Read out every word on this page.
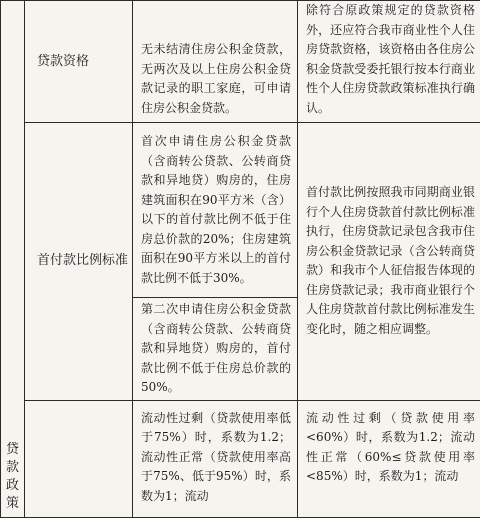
贷
款
政
策	贷款资格	无未结清住房公积金贷款，无两次及以上住房公积金贷款记录的职工家庭，可申请住房公积金贷款。	除符合原政策规定的贷款资格外，还应符合我市商业性个人住房贷款资格，该资格由各住房公积金贷款受委托银行按本行商业性个人住房贷款政策标准执行确认。
	首付款比例标准	首次申请住房公积金贷款（含商转公贷款、公转商贷款和异地贷）购房的，住房建筑面积在90平方米（含）以下的首付款比例不低于住房总价款的20%；住房建筑面积在90平方米以上的首付款比例不低于30%。	首付款比例按照我市同期商业银行个人住房贷款首付款比例标准执行，住房贷款记录包含我市住房公积金贷款记录（含公转商贷款）和我市个人征信报告体现的住房贷款记录；我市商业银行个人住房贷款首付款比例标准发生变化时，随之相应调整。
		第二次申请住房公积金贷款（含商转公贷款、公转商贷款和异地贷）购房的，首付款比例不低于住房总价款的50%。	
		流动性过剩（贷款使用率低于75%）时，系数为1.2；流动性正常（贷款使用率高于75%、低于95%）时，系数为1；流动	流动性过剩（贷款使用率<60%）时，系数为1.2；流动性正常（60%≤贷款使用率<85%）时，系数为1；流动
